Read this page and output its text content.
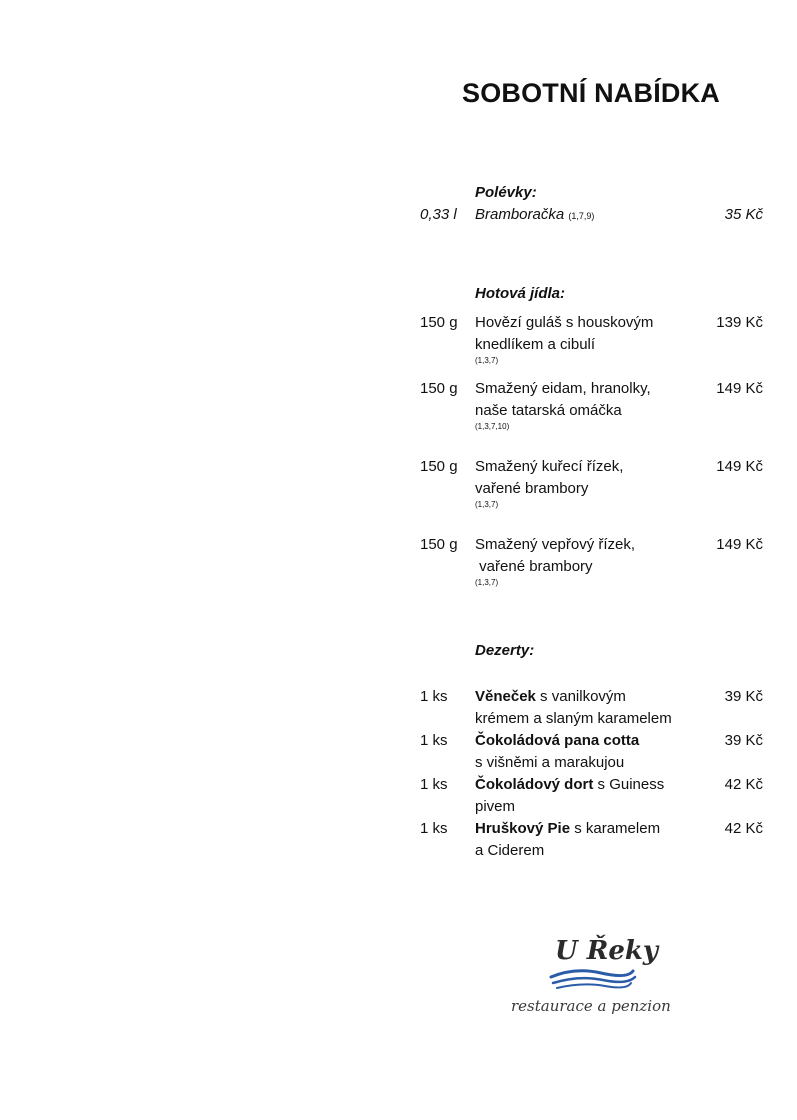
SOBOTNÍ NABÍDKA
Polévky:
0,33 l Bramboračka (1,7,9)	35 Kč
Hotová jídla:
150 g Hovězí guláš s houskovým
knedlíkem a cibulí
(1,3,7)
139 Kč
150 g Smažený eidam, hranolky,
naše tatarská omáčka
(1,3,7,10)
149 Kč
150 g Smažený kuřecí řízek,
vařené brambory
(1,3,7)
149 Kč
150 g Smažený vepřový řízek,
vařené brambory
(1,3,7)
149 Kč
Dezerty:
1 ks Věneček s vanilkovým
krémem a slaným karamelem
39 Kč
1 ks Čokoládová pana cotta
s višněmi a marakujou
39 Kč
1 ks Čokoládový dort s Guiness
pivem
42 Kč
1 ks Hruškový Pie s karamelem
a Ciderem
42 Kč
U Řeky
restaurace a penzion
